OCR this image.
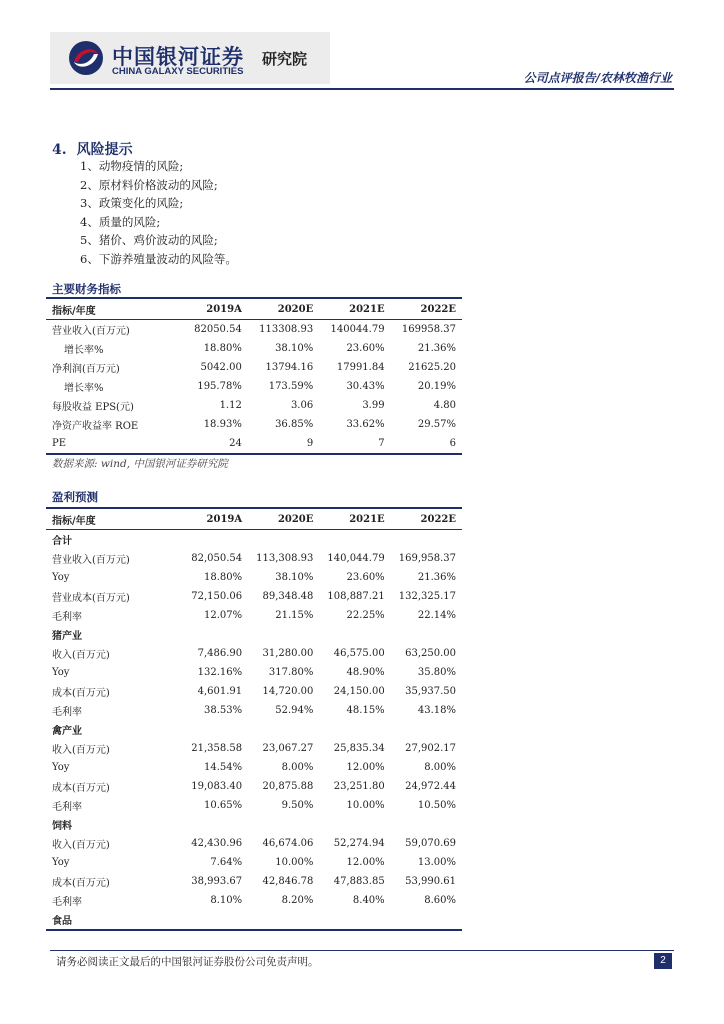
中国银河证券
CHINA GALAXY SECURITIES
研究院
公司点评报告/农林牧渔行业
4. 风险提示
1、动物疫情的风险;
2、原材料价格波动的风险;
3、政策变化的风险;
4、质量的风险;
5、猪价、鸡价波动的风险;
6、下游养殖量波动的风险等。
主要财务指标
指标/年度	2019A	2020E	2021E	2022E
营业收入(百万元)	82050.54	113308.93	140044.79	169958.37
增长率%	18.80%	38.10%	23.60%	21.36%
净利润(百万元)	5042.00	13794.16	17991.84	21625.20
增长率%	195.78%	173.59%	30.43%	20.19%
每股收益 EPS(元)	1.12	3.06	3.99	4.80
净资产收益率 ROE	18.93%	36.85%	33.62%	29.57%
PE	24	9	7	6
数据来源: wind, 中国银河证券研究院
盈利预测
指标/年度	2019A	2020E	2021E	2022E
合计				
营业收入(百万元)	82,050.54	113,308.93	140,044.79	169,958.37
Yoy	18.80%	38.10%	23.60%	21.36%
营业成本(百万元)	72,150.06	89,348.48	108,887.21	132,325.17
毛利率	12.07%	21.15%	22.25%	22.14%
猪产业				
收入(百万元)	7,486.90	31,280.00	46,575.00	63,250.00
Yoy	132.16%	317.80%	48.90%	35.80%
成本(百万元)	4,601.91	14,720.00	24,150.00	35,937.50
毛利率	38.53%	52.94%	48.15%	43.18%
禽产业				
收入(百万元)	21,358.58	23,067.27	25,835.34	27,902.17
Yoy	14.54%	8.00%	12.00%	8.00%
成本(百万元)	19,083.40	20,875.88	23,251.80	24,972.44
毛利率	10.65%	9.50%	10.00%	10.50%
饲料				
收入(百万元)	42,430.96	46,674.06	52,274.94	59,070.69
Yoy	7.64%	10.00%	12.00%	13.00%
成本(百万元)	38,993.67	42,846.78	47,883.85	53,990.61
毛利率	8.10%	8.20%	8.40%	8.60%
食品				
请务必阅读正文最后的中国银河证券股份公司免责声明。	2
